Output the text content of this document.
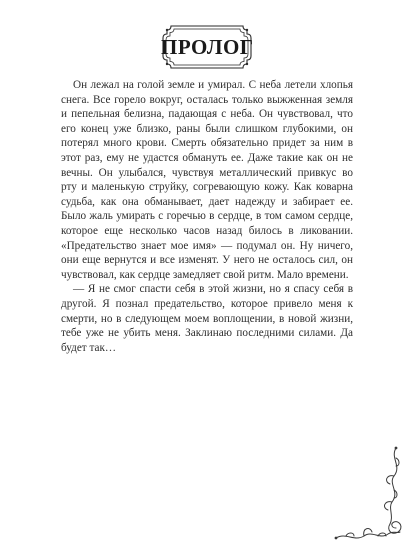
ПРОЛОГ

Он лежал на голой земле и умирал. С неба летели хлопья снега. Все горело вокруг, осталась только выжженная земля и пепельная белизна, падающая с неба. Он чувствовал, что его конец уже близко, раны были слишком глубокими, он потерял много крови. Смерть обязательно придет за ним в этот раз, ему не удастся обмануть ее. Даже такие как он не вечны. Он улыбался, чувствуя металлический привкус во рту и маленькую струйку, согревающую кожу. Как коварна судьба, как она обманывает, дает надежду и забирает ее. Было жаль умирать с горечью в сердце, в том самом сердце, которое еще несколько часов назад билось в ликовании. «Предательство знает мое имя» — подумал он. Ну ничего, они еще вернутся и все изменят. У него не осталось сил, он чувствовал, как сердце замедляет свой ритм. Мало времени.

— Я не смог спасти себя в этой жизни, но я спасу себя в другой. Я познал предательство, которое привело меня к смерти, но в следующем моем воплощении, в новой жизни, тебе уже не убить меня. Заклинаю последними силами. Да будет так…
